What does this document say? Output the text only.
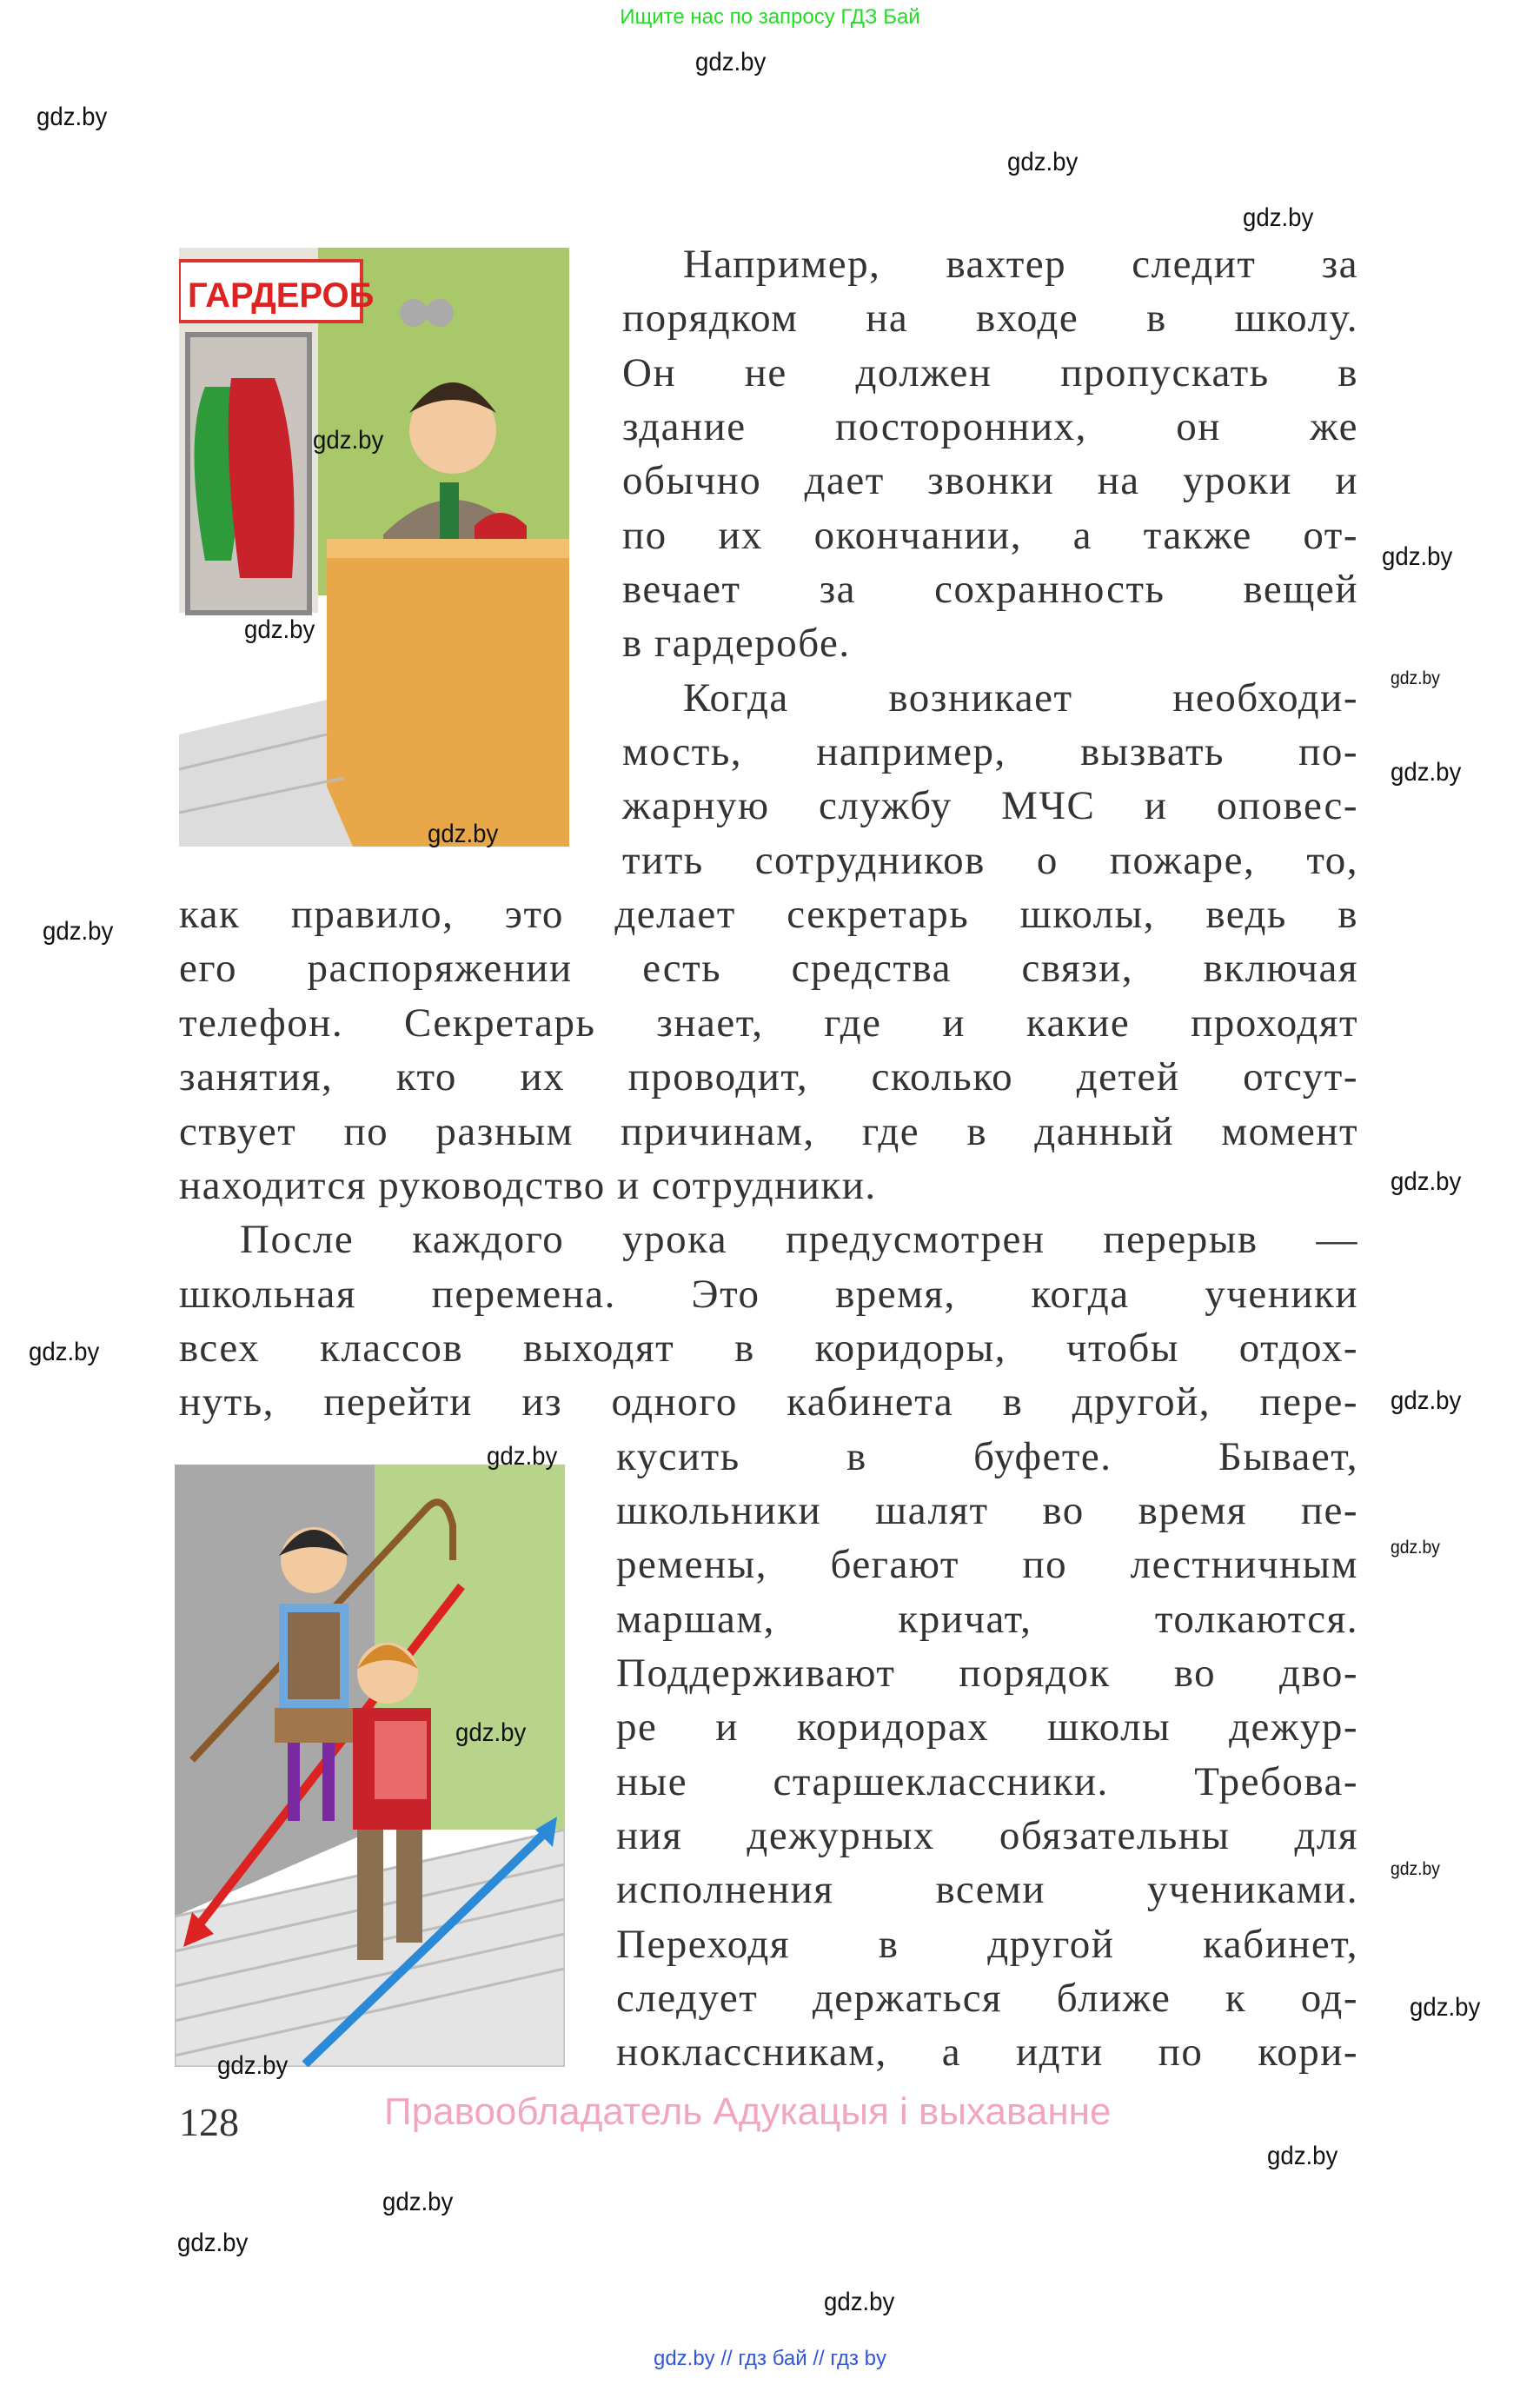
Ищите нас по запросу ГДЗ Бай
ГАРДЕРОБ
Например, вахтер следит за
порядком на входе в школу.
Он не должен пропускать в
здание посторонних, он же
обычно дает звонки на уроки и
по их окончании, а также от-
вечает за сохранность вещей
в гардеробе.
Когда возникает необходи-
мость, например, вызвать по-
жарную службу МЧС и оповес-
тить сотрудников о пожаре, то,
как правило, это делает секретарь школы, ведь в
его распоряжении есть средства связи, включая
телефон. Секретарь знает, где и какие проходят
занятия, кто их проводит, сколько детей отсут-
ствует по разным причинам, где в данный момент
находится руководство и сотрудники.
После каждого урока предусмотрен перерыв —
школьная перемена. Это время, когда ученики
всех классов выходят в коридоры, чтобы отдох-
нуть, перейти из одного кабинета в другой, пере-
кусить в буфете. Бывает,
школьники шалят во время пе-
ремены, бегают по лестничным
маршам, кричат, толкаются.
Поддерживают порядок во дво-
ре и коридорах школы дежур-
ные старшеклассники. Требова-
ния дежурных обязательны для
исполнения всеми учениками.
Переходя в другой кабинет,
следует держаться ближе к од-
ноклассникам, а идти по кори-
128	Правообладатель Адукацыя і выхаванне
gdz.by
gdz.by
gdz.by
gdz.by
gdz.by
gdz.by
gdz.by
gdz.by
gdz.by
gdz.by
gdz.by
gdz.by
gdz.by
gdz.by
gdz.by
gdz.by
gdz.by
gdz.by
gdz.by
gdz.by
gdz.by
gdz.by
gdz.by
gdz.by
gdz.by // гдз бай // гдз by
